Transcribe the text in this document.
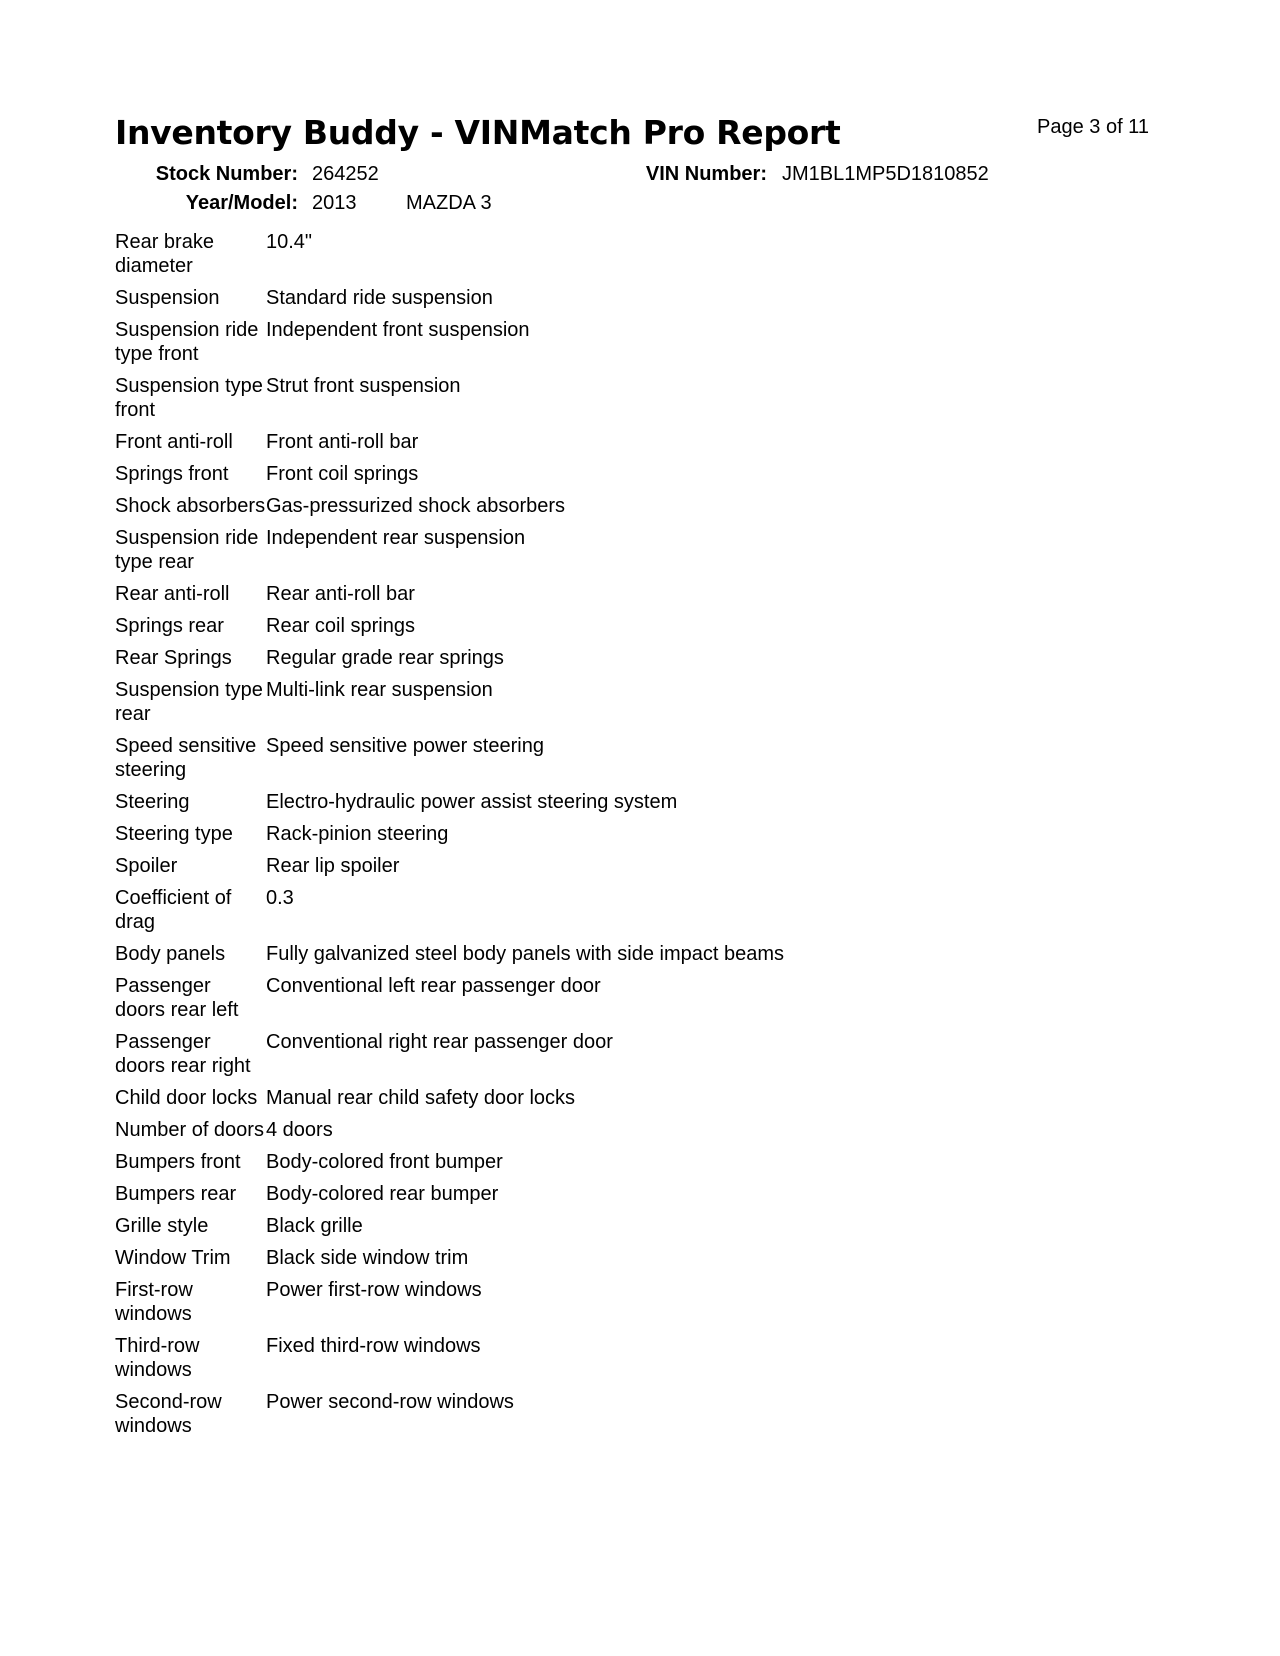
Page 3 of 11
Inventory Buddy - VINMatch Pro Report
Stock Number: 264252	VIN Number: JM1BL1MP5D1810852
Year/Model: 2013 MAZDA 3
Rear brake diameter	10.4"
Suspension	Standard ride suspension
Suspension ride type front	Independent front suspension
Suspension type front	Strut front suspension
Front anti-roll	Front anti-roll bar
Springs front	Front coil springs
Shock absorbers	Gas-pressurized shock absorbers
Suspension ride type rear	Independent rear suspension
Rear anti-roll	Rear anti-roll bar
Springs rear	Rear coil springs
Rear Springs	Regular grade rear springs
Suspension type rear	Multi-link rear suspension
Speed sensitive steering	Speed sensitive power steering
Steering	Electro-hydraulic power assist steering system
Steering type	Rack-pinion steering
Spoiler	Rear lip spoiler
Coefficient of drag	0.3
Body panels	Fully galvanized steel body panels with side impact beams
Passenger doors rear left	Conventional left rear passenger door
Passenger doors rear right	Conventional right rear passenger door
Child door locks	Manual rear child safety door locks
Number of doors	4 doors
Bumpers front	Body-colored front bumper
Bumpers rear	Body-colored rear bumper
Grille style	Black grille
Window Trim	Black side window trim
First-row windows	Power first-row windows
Third-row windows	Fixed third-row windows
Second-row windows	Power second-row windows
